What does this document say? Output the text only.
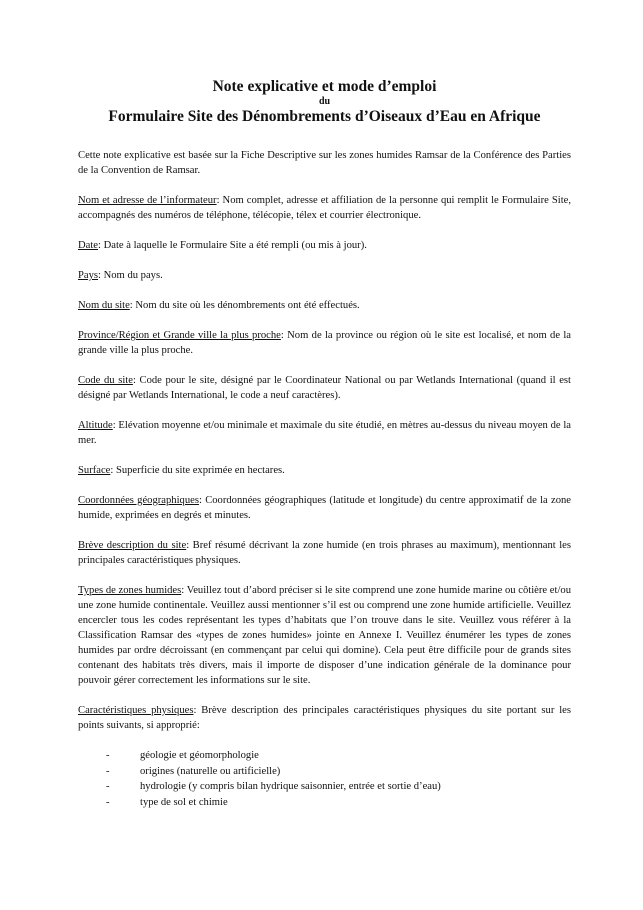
Note explicative et mode d’emploi

du

Formulaire Site des Dénombrements d’Oiseaux d’Eau en Afrique

Cette note explicative est basée sur la Fiche Descriptive sur les zones humides Ramsar de la Conférence des Parties de la Convention de Ramsar.

Nom et adresse de l’informateur: Nom complet, adresse et affiliation de la personne qui remplit le Formulaire Site, accompagnés des numéros de téléphone, télécopie, télex et courrier électronique.

Date: Date à laquelle le Formulaire Site a été rempli (ou mis à jour).

Pays: Nom du pays.

Nom du site: Nom du site où les dénombrements ont été effectués.

Province/Région et Grande ville la plus proche: Nom de la province ou région où le site est localisé, et nom de la grande ville la plus proche.

Code du site: Code pour le site, désigné par le Coordinateur National ou par Wetlands International (quand il est désigné par Wetlands International, le code a neuf caractères).

Altitude: Elévation moyenne et/ou minimale et maximale du site étudié, en mètres au-dessus du niveau moyen de la mer.

Surface: Superficie du site exprimée en hectares.

Coordonnées géographiques: Coordonnées géographiques (latitude et longitude) du centre approximatif de la zone humide, exprimées en degrés et minutes.

Brève description du site: Bref résumé décrivant la zone humide (en trois phrases au maximum), mentionnant les principales caractéristiques physiques.

Types de zones humides: Veuillez tout d’abord préciser si le site comprend une zone humide marine ou côtière et/ou une zone humide continentale. Veuillez aussi mentionner s’il est ou comprend une zone humide artificielle. Veuillez encercler tous les codes représentant les types d’habitats que l’on trouve dans le site. Veuillez vous référer à la Classification Ramsar des «types de zones humides» jointe en Annexe I. Veuillez énumérer les types de zones humides par ordre décroissant (en commençant par celui qui domine). Cela peut être difficile pour de grands sites contenant des habitats très divers, mais il importe de disposer d’une indication générale de la dominance pour pouvoir gérer correctement les informations sur le site.

Caractéristiques physiques: Brève description des principales caractéristiques physiques du site portant sur les points suivants, si approprié:

-	géologie et géomorphologie
-	origines (naturelle ou artificielle)
-	hydrologie (y compris bilan hydrique saisonnier, entrée et sortie d’eau)
-	type de sol et chimie
